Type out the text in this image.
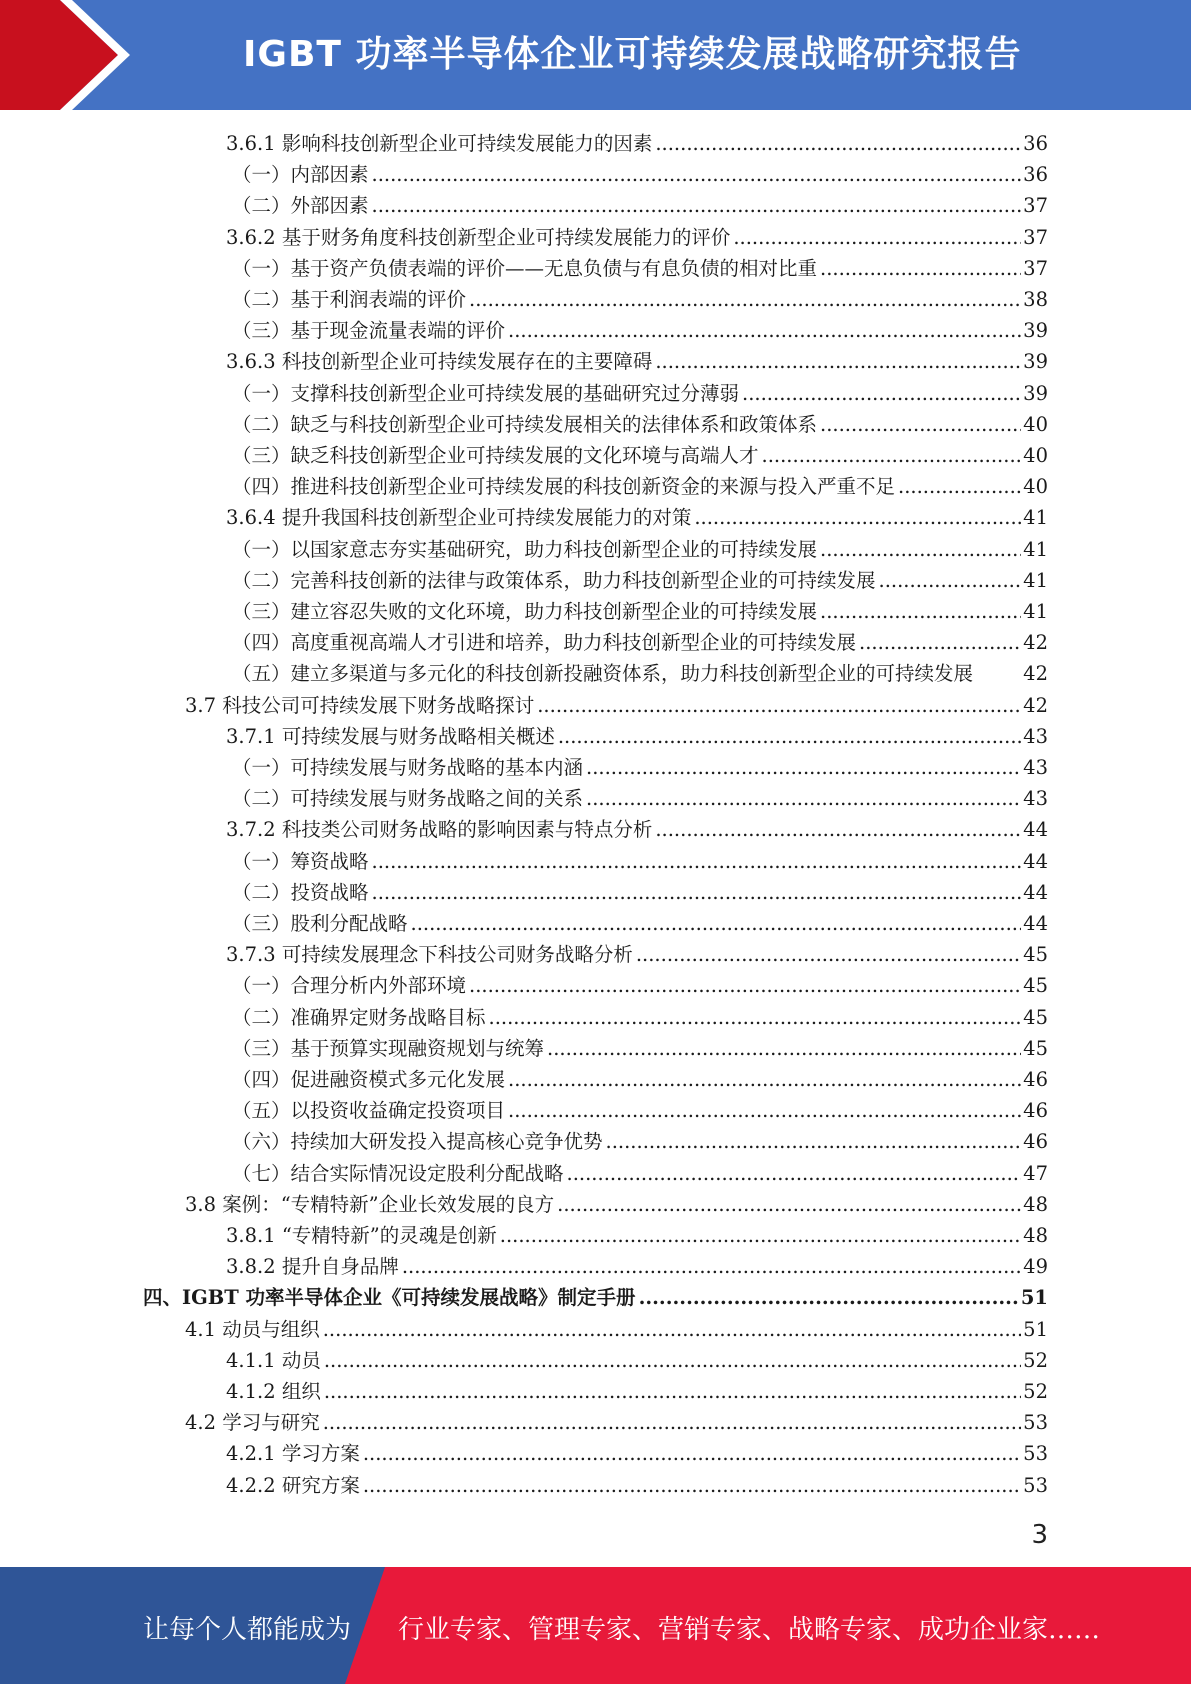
IGBT 功率半导体企业可持续发展战略研究报告
3.6.1 影响科技创新型企业可持续发展能力的因素 .....	36
（一）内部因素 .....	36
（二）外部因素 .....	37
3.6.2 基于财务角度科技创新型企业可持续发展能力的评价 .....	37
（一）基于资产负债表端的评价——无息负债与有息负债的相对比重 .....	37
（二）基于利润表端的评价 .....	38
（三）基于现金流量表端的评价 .....	39
3.6.3 科技创新型企业可持续发展存在的主要障碍 .....	39
（一）支撑科技创新型企业可持续发展的基础研究过分薄弱 .....	39
（二）缺乏与科技创新型企业可持续发展相关的法律体系和政策体系 .....	40
（三）缺乏科技创新型企业可持续发展的文化环境与高端人才 .....	40
（四）推进科技创新型企业可持续发展的科技创新资金的来源与投入严重不足 .....	40
3.6.4 提升我国科技创新型企业可持续发展能力的对策 .....	41
（一）以国家意志夯实基础研究，助力科技创新型企业的可持续发展 .....	41
（二）完善科技创新的法律与政策体系，助力科技创新型企业的可持续发展 .....	41
（三）建立容忍失败的文化环境，助力科技创新型企业的可持续发展 .....	41
（四）高度重视高端人才引进和培养，助力科技创新型企业的可持续发展 .....	42
（五）建立多渠道与多元化的科技创新投融资体系，助力科技创新型企业的可持续发展	42
3.7 科技公司可持续发展下财务战略探讨 .....	42
3.7.1 可持续发展与财务战略相关概述 .....	43
（一）可持续发展与财务战略的基本内涵 .....	43
（二）可持续发展与财务战略之间的关系 .....	43
3.7.2 科技类公司财务战略的影响因素与特点分析 .....	44
（一）筹资战略 .....	44
（二）投资战略 .....	44
（三）股利分配战略 .....	44
3.7.3 可持续发展理念下科技公司财务战略分析 .....	45
（一）合理分析内外部环境 .....	45
（二）准确界定财务战略目标 .....	45
（三）基于预算实现融资规划与统筹 .....	45
（四）促进融资模式多元化发展 .....	46
（五）以投资收益确定投资项目 .....	46
（六）持续加大研发投入提高核心竞争优势 .....	46
（七）结合实际情况设定股利分配战略 .....	47
3.8 案例：“专精特新”企业长效发展的良方 .....	48
3.8.1 “专精特新”的灵魂是创新 .....	48
3.8.2 提升自身品牌 .....	49
四、IGBT 功率半导体企业《可持续发展战略》制定手册 .....	51
4.1 动员与组织 .....	51
4.1.1 动员 .....	52
4.1.2 组织 .....	52
4.2 学习与研究 .....	53
4.2.1 学习方案 .....	53
4.2.2 研究方案 .....	53
3
让每个人都能成为 行业专家、管理专家、营销专家、战略专家、成功企业家……
